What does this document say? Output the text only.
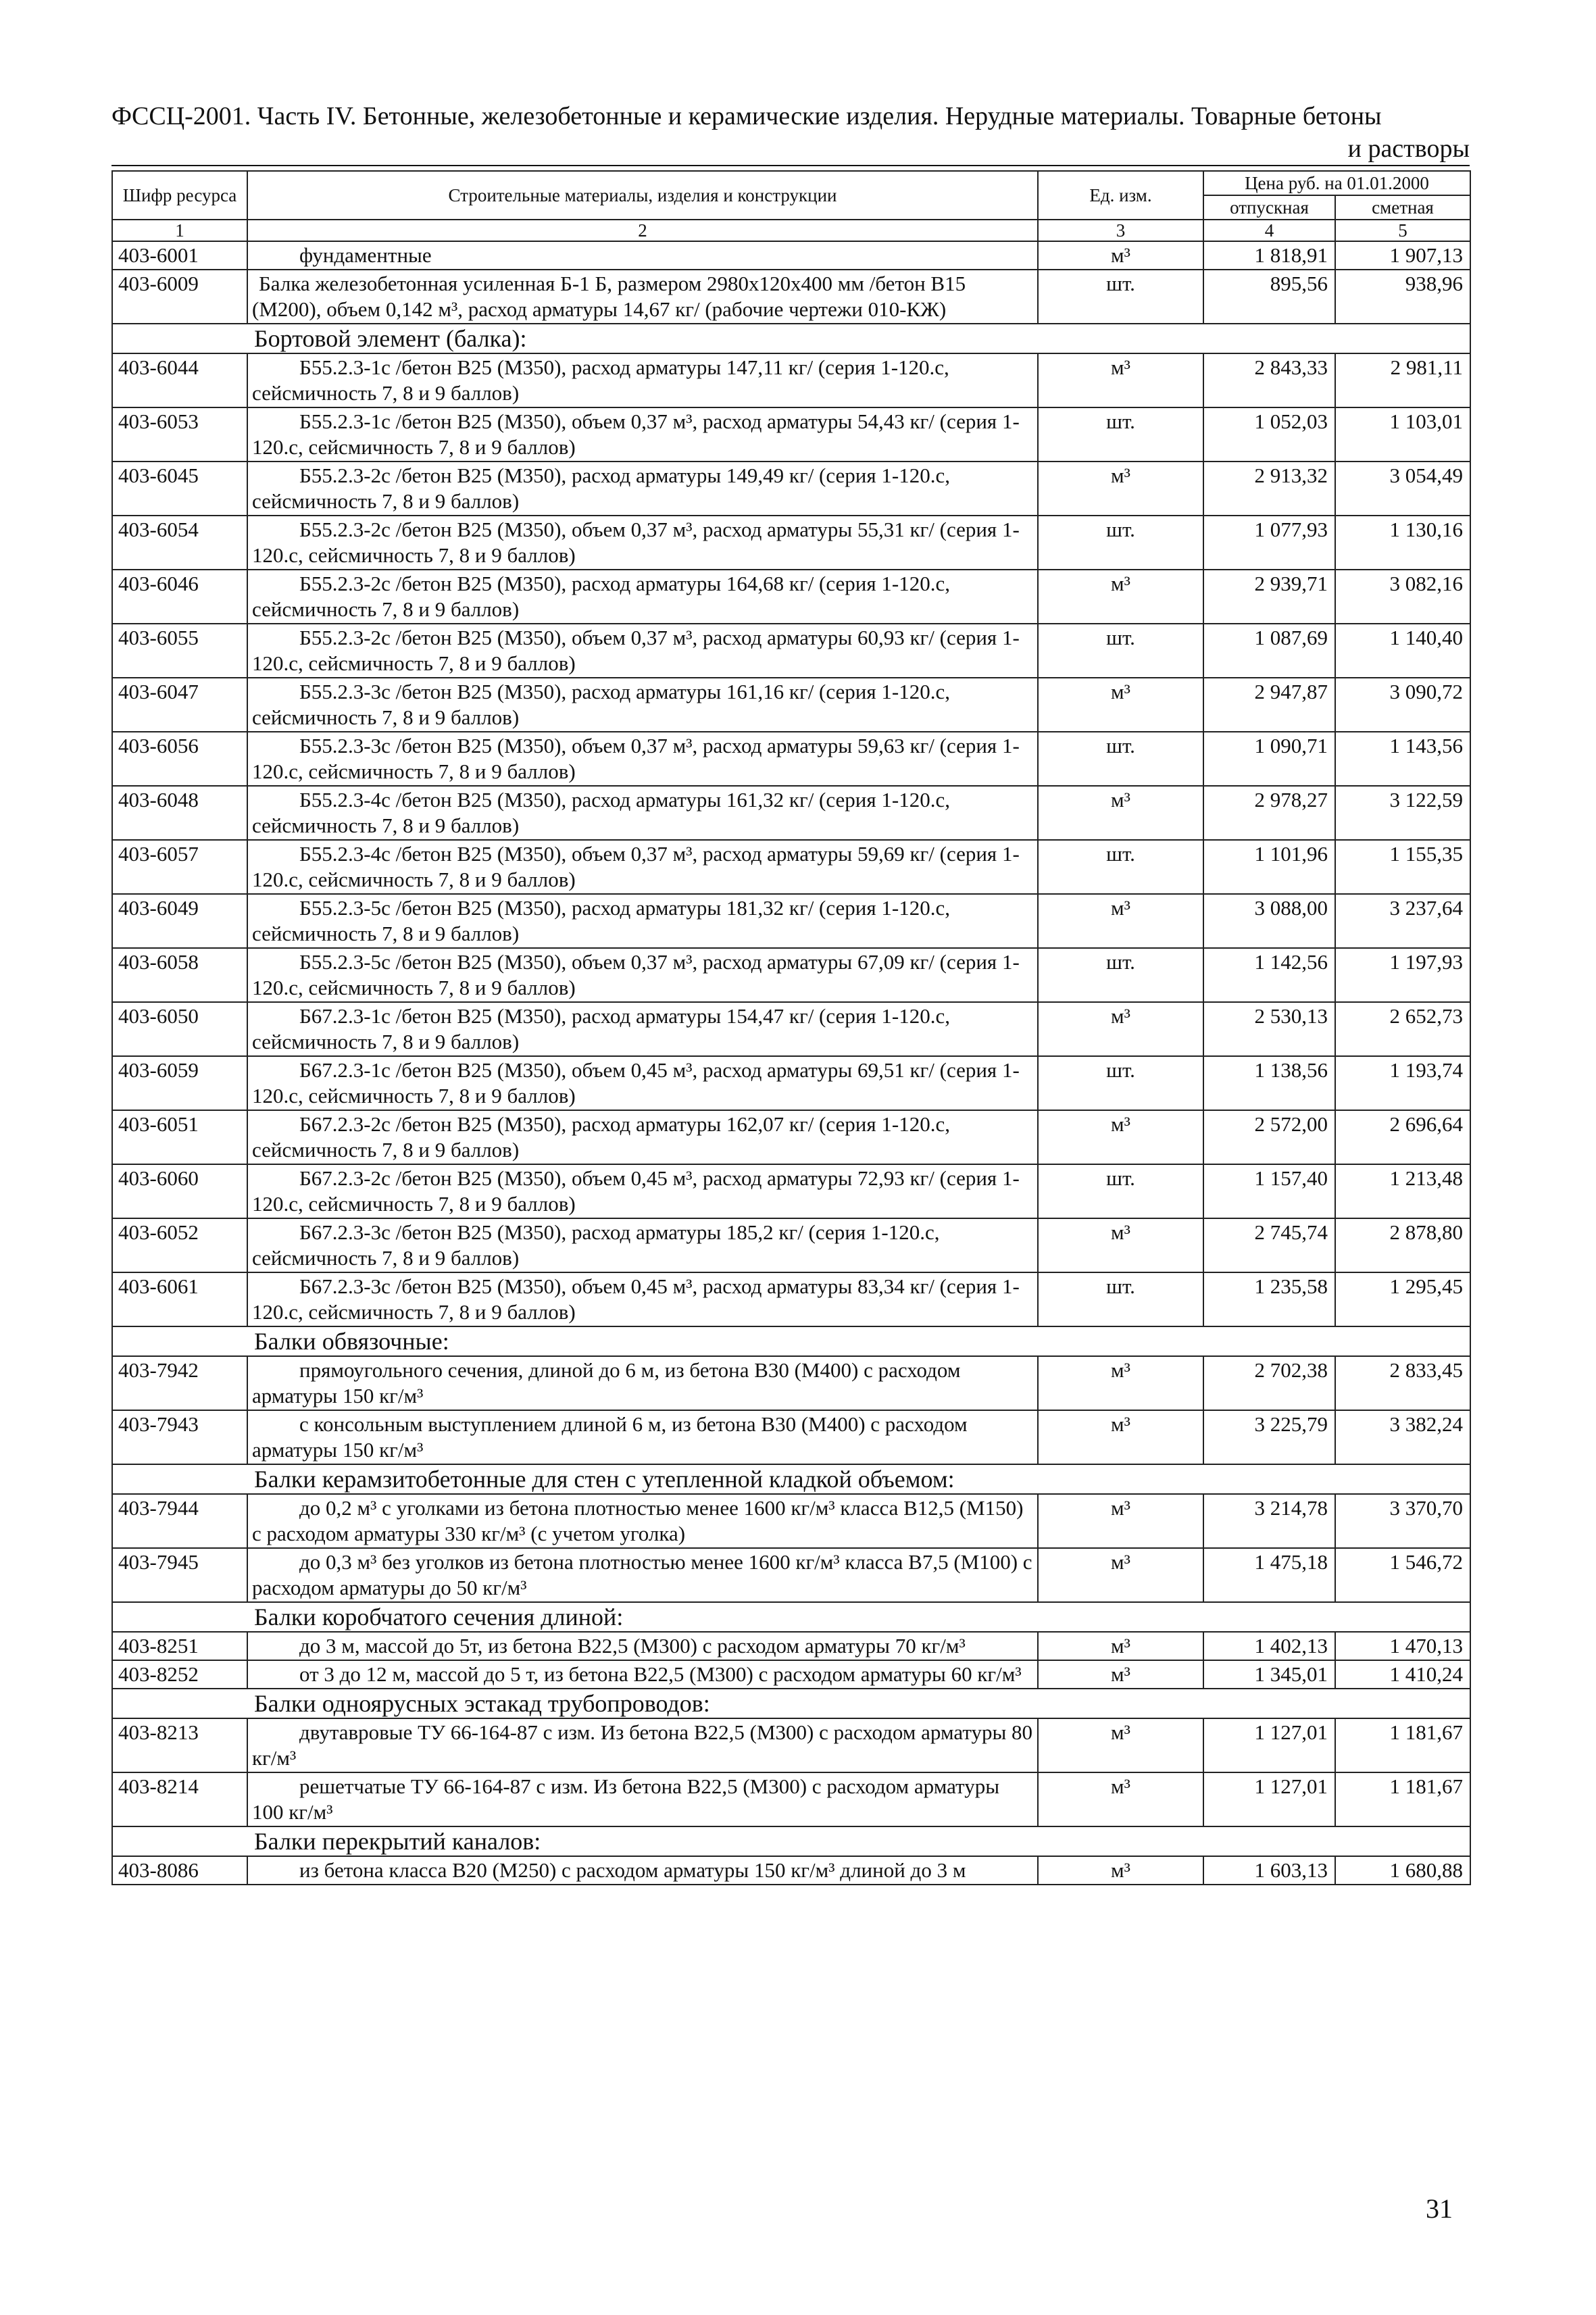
ФССЦ-2001. Часть IV. Бетонные, железобетонные и керамические изделия. Нерудные материалы. Товарные бетоны
и растворы
Шифр ресурса	Строительные материалы, изделия и конструкции	Ед. изм.	Цена руб. на 01.01.2000	
			отпускная	сметная
1	2	3	4	5
403-6001	фундаментные	м³	1 818,91	1 907,13
403-6009	Балка железобетонная усиленная Б-1 Б, размером 2980x120x400 мм /бетон В15 (М200), объем 0,142 м³, расход арматуры 14,67 кг/ (рабочие чертежи 010-КЖ)	шт.	895,56	938,96
	Бортовой элемент (балка):			
403-6044	Б55.2.3-1с /бетон В25 (М350), расход арматуры 147,11 кг/ (серия 1-120.с, сейсмичность 7, 8 и 9 баллов)	м³	2 843,33	2 981,11
403-6053	Б55.2.3-1с /бетон В25 (М350), объем 0,37 м³, расход арматуры 54,43 кг/ (серия 1-120.с, сейсмичность 7, 8 и 9 баллов)	шт.	1 052,03	1 103,01
403-6045	Б55.2.3-2с /бетон В25 (М350), расход арматуры 149,49 кг/ (серия 1-120.с, сейсмичность 7, 8 и 9 баллов)	м³	2 913,32	3 054,49
403-6054	Б55.2.3-2с /бетон В25 (М350), объем 0,37 м³, расход арматуры 55,31 кг/ (серия 1-120.с, сейсмичность 7, 8 и 9 баллов)	шт.	1 077,93	1 130,16
403-6046	Б55.2.3-2с /бетон В25 (М350), расход арматуры 164,68 кг/ (серия 1-120.с, сейсмичность 7, 8 и 9 баллов)	м³	2 939,71	3 082,16
403-6055	Б55.2.3-2с /бетон В25 (М350), объем 0,37 м³, расход арматуры 60,93 кг/ (серия 1-120.с, сейсмичность 7, 8 и 9 баллов)	шт.	1 087,69	1 140,40
403-6047	Б55.2.3-3с /бетон В25 (М350), расход арматуры 161,16 кг/ (серия 1-120.с, сейсмичность 7, 8 и 9 баллов)	м³	2 947,87	3 090,72
403-6056	Б55.2.3-3с /бетон В25 (М350), объем 0,37 м³, расход арматуры 59,63 кг/ (серия 1-120.с, сейсмичность 7, 8 и 9 баллов)	шт.	1 090,71	1 143,56
403-6048	Б55.2.3-4с /бетон В25 (М350), расход арматуры 161,32 кг/ (серия 1-120.с, сейсмичность 7, 8 и 9 баллов)	м³	2 978,27	3 122,59
403-6057	Б55.2.3-4с /бетон В25 (М350), объем 0,37 м³, расход арматуры 59,69 кг/ (серия 1-120.с, сейсмичность 7, 8 и 9 баллов)	шт.	1 101,96	1 155,35
403-6049	Б55.2.3-5с /бетон В25 (М350), расход арматуры 181,32 кг/ (серия 1-120.с, сейсмичность 7, 8 и 9 баллов)	м³	3 088,00	3 237,64
403-6058	Б55.2.3-5с /бетон В25 (М350), объем 0,37 м³, расход арматуры 67,09 кг/ (серия 1-120.с, сейсмичность 7, 8 и 9 баллов)	шт.	1 142,56	1 197,93
403-6050	Б67.2.3-1с /бетон В25 (М350), расход арматуры 154,47 кг/ (серия 1-120.с, сейсмичность 7, 8 и 9 баллов)	м³	2 530,13	2 652,73
403-6059	Б67.2.3-1с /бетон В25 (М350), объем 0,45 м³, расход арматуры 69,51 кг/ (серия 1-120.с, сейсмичность 7, 8 и 9 баллов)	шт.	1 138,56	1 193,74
403-6051	Б67.2.3-2с /бетон В25 (М350), расход арматуры 162,07 кг/ (серия 1-120.с, сейсмичность 7, 8 и 9 баллов)	м³	2 572,00	2 696,64
403-6060	Б67.2.3-2с /бетон В25 (М350), объем 0,45 м³, расход арматуры 72,93 кг/ (серия 1-120.с, сейсмичность 7, 8 и 9 баллов)	шт.	1 157,40	1 213,48
403-6052	Б67.2.3-3с /бетон В25 (М350), расход арматуры 185,2 кг/ (серия 1-120.с, сейсмичность 7, 8 и 9 баллов)	м³	2 745,74	2 878,80
403-6061	Б67.2.3-3с /бетон В25 (М350), объем 0,45 м³, расход арматуры 83,34 кг/ (серия 1-120.с, сейсмичность 7, 8 и 9 баллов)	шт.	1 235,58	1 295,45
	Балки обвязочные:			
403-7942	прямоугольного сечения, длиной до 6 м, из бетона В30 (М400) с расходом арматуры 150 кг/м³	м³	2 702,38	2 833,45
403-7943	с консольным выступлением длиной 6 м, из бетона В30 (М400) с расходом арматуры 150 кг/м³	м³	3 225,79	3 382,24
	Балки керамзитобетонные для стен с утепленной кладкой объемом:			
403-7944	до 0,2 м³ с уголками из бетона плотностью менее 1600 кг/м³ класса В12,5 (М150) с расходом арматуры 330 кг/м³ (с учетом уголка)	м³	3 214,78	3 370,70
403-7945	до 0,3 м³ без уголков из бетона плотностью менее 1600 кг/м³ класса В7,5 (М100) с расходом арматуры до 50 кг/м³	м³	1 475,18	1 546,72
	Балки коробчатого сечения длиной:			
403-8251	до 3 м, массой до 5т, из бетона В22,5 (М300) с расходом арматуры 70 кг/м³	м³	1 402,13	1 470,13
403-8252	от 3 до 12 м, массой до 5 т, из бетона В22,5 (М300) с расходом арматуры 60 кг/м³	м³	1 345,01	1 410,24
	Балки одноярусных эстакад трубопроводов:			
403-8213	двутавровые ТУ 66-164-87 с изм. Из бетона В22,5 (М300) с расходом арматуры 80 кг/м³	м³	1 127,01	1 181,67
403-8214	решетчатые ТУ 66-164-87 с изм. Из бетона В22,5 (М300) с расходом арматуры 100 кг/м³	м³	1 127,01	1 181,67
	Балки перекрытий каналов:			
403-8086	из бетона класса В20 (М250) с расходом арматуры 150 кг/м³ длиной до 3 м	м³	1 603,13	1 680,88
31
